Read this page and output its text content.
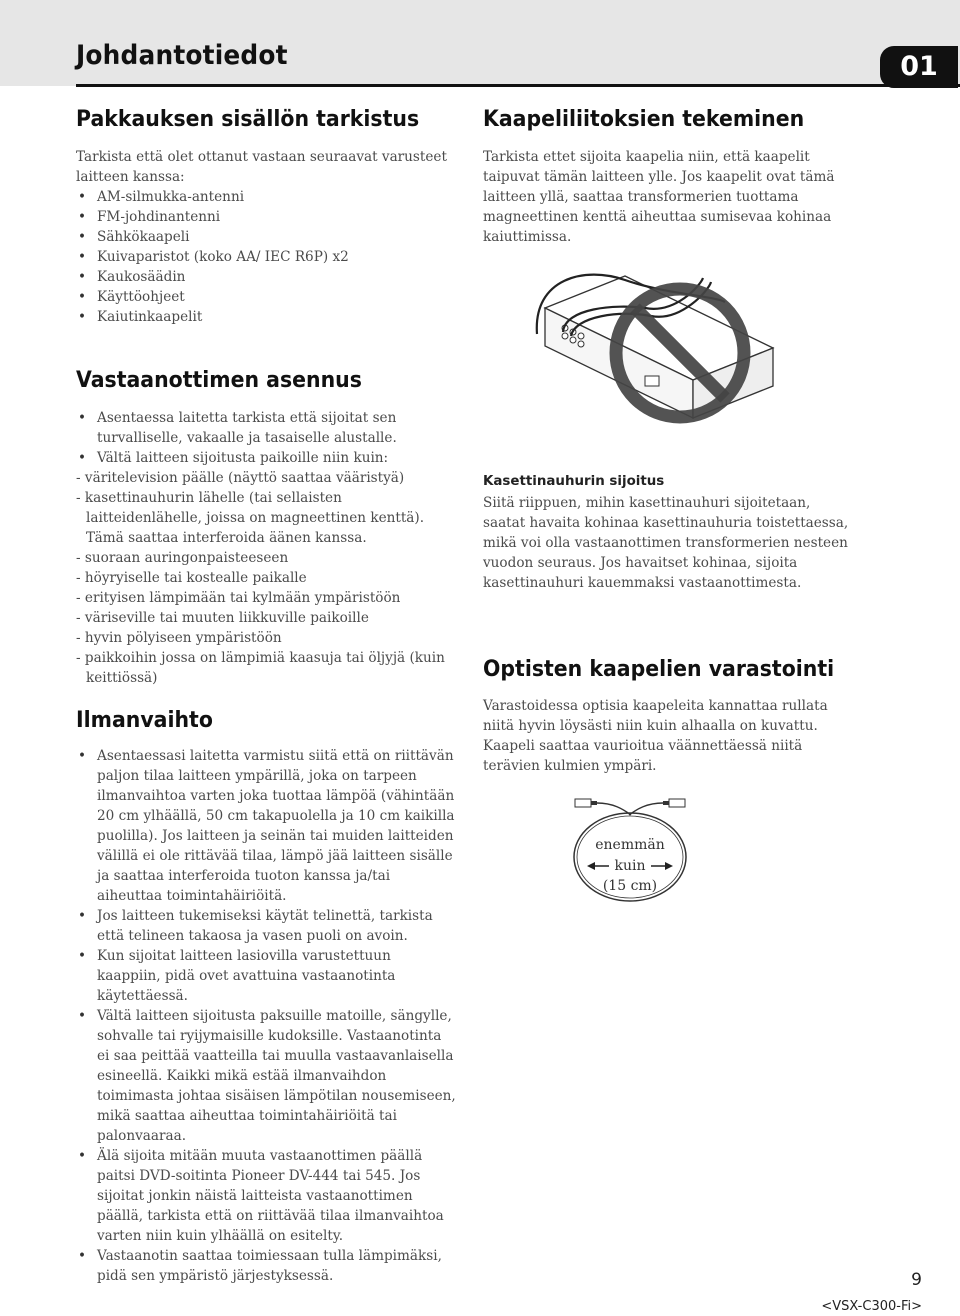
Johdantotiedot	01
Pakkauksen sisällön tarkistus

Tarkista että olet ottanut vastaan seuraavat varusteet laitteen kanssa:

• AM-silmukka-antenni

• FM-johdinantenni

• Sähkökaapeli

• Kuivaparistot (koko AA/ IEC R6P) x2

• Kaukosäädin

• Käyttöohjeet

• Kaiutinkaapelit

Kaapeliliitoksien tekeminen
Tarkista ettet sijoita kaapelia niin, että kaapelit taipuvat tämän laitteen ylle. Jos kaapelit ovat tämä laitteen yllä, saattaa transformerien tuottama magneettinen kenttä aiheuttaa sumisevaa kohinaa kaiuttimissa.
Vastaanottimen asennus

• Asentaessa laitetta tarkista että sijoitat sen turvalliselle, vakaalle ja tasaiselle alustalle.

• Vältä laitteen sijoitusta paikoille niin kuin:

- väritelevision päälle (näyttö saattaa vääristyä)

- kasettinauhurin lähelle (tai sellaisten laitteidenlähelle, joissa on magneettinen kenttä). Tämä saattaa interferoida äänen kanssa.

- suoraan auringonpaisteeseen

- höyryiselle tai kostealle paikalle

- erityisen lämpimään tai kylmään ympäristöön

- väriseville tai muuten liikkuville paikoille

- hyvin pölyiseen ympäristöön

- paikkoihin jossa on lämpimiä kaasuja tai öljyjä (kuin keittiössä)

Ilmanvaihto

• Asentaessasi laitetta varmistu siitä että on riittävän paljon tilaa laitteen ympärillä, joka on tarpeen ilmanvaihtoa varten joka tuottaa lämpöä (vähintään 20 cm ylhäällä, 50 cm takapuolella ja 10 cm kaikilla puolilla). Jos laitteen ja seinän tai muiden laitteiden välillä ei ole rittävää tilaa, lämpö jää laitteen sisälle ja saattaa interferoida tuoton kanssa ja/tai aiheuttaa toimintahäiriöitä.

• Jos laitteen tukemiseksi käytät telinettä, tarkista että telineen takaosa ja vasen puoli on avoin.

• Kun sijoitat laitteen lasiovilla varustettuun kaappiin, pidä ovet avattuina vastaanotinta käytettäessä.

• Vältä laitteen sijoitusta paksuille matoille, sängylle, sohvalle tai ryijymaisille kudoksille. Vastaanotinta ei saa peittää vaatteilla tai muulla vastaavanlaisella esineellä. Kaikki mikä estää ilmanvaihdon toimimasta johtaa sisäisen lämpötilan nousemiseen, mikä saattaa aiheuttaa toimintahäiriöitä tai palonvaaraa.

• Älä sijoita mitään muuta vastaanottimen päällä paitsi DVD-soitinta Pioneer DV-444 tai 545. Jos sijoitat jonkin näistä laitteista vastaanottimen päällä, tarkista että on riittävää tilaa ilmanvaihtoa varten niin kuin ylhäällä on esitelty.

• Vastaanotin saattaa toimiessaan tulla lämpimäksi, pidä sen ympäristö järjestyksessä.

Kasettinauhurin sijoitus
Siitä riippuen, mihin kasettinauhuri sijoitetaan, saatat havaita kohinaa kasettinauhuria toistettaessa, mikä voi olla vastaanottimen transformerien nesteen vuodon seuraus. Jos havaitset kohinaa, sijoita kasettinauhuri kauemmaksi vastaanottimesta.
Optisten kaapelien varastointi
Varastoidessa optisia kaapeleita kannattaa rullata niitä hyvin löysästi niin kuin alhaalla on kuvattu. Kaapeli saattaa vaurioitua väännettäessä niitä terävien kulmien ympäri.
enemmän
kuin
(15 cm)
9
<VSX-C300-Fi>
